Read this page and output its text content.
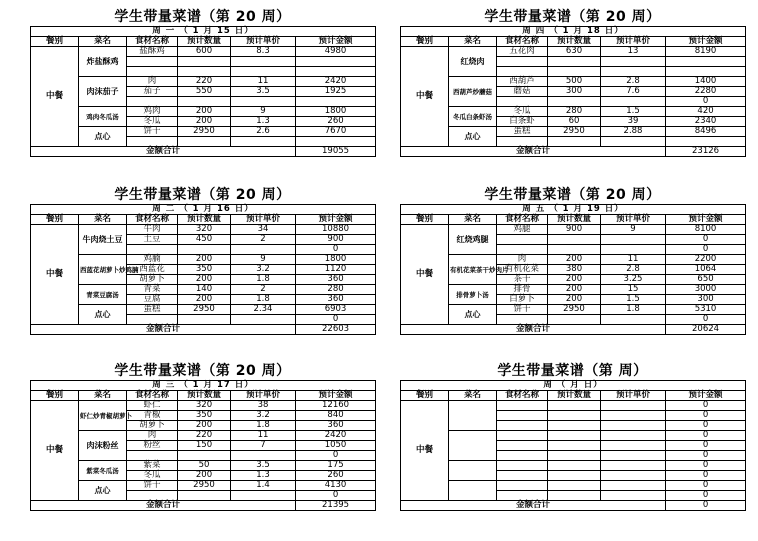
学生带量菜谱（第 20 周）
周 一 （ 1 月 15 日）					
餐别	菜名	食材名称	预计数量	预计单价	预计金额
中餐	炸盐酥鸡	盐酥鸡	600	8.3	4980

	肉沫茄子	肉	220	11	2420
		茄子	550	3.5	1925

	鸡肉冬瓜汤	鸡肉	200	9	1800
		冬瓜	200	1.3	260
	点心	饼干	2950	2.6	7670

金额合计					19055
学生带量菜谱（第 20 周）
周 四 （ 1 月 18 日）					
餐别	菜名	食材名称	预计数量	预计单价	预计金额
中餐	红烧肉	五花肉	630	13	8190

	西葫芦炒蘑菇	西葫芦	500	2.8	1400
		蘑菇	300	7.6	2280
					0
	冬瓜白条虾汤	冬瓜	280	1.5	420
		白条虾	60	39	2340
	点心	蛋糕	2950	2.88	8496

金额合计					23126
学生带量菜谱（第 20 周）
周 二 （ 1 月 16 日）					
餐别	菜名	食材名称	预计数量	预计单价	预计金额
中餐	牛肉烧土豆	牛肉	320	34	10880
		土豆	450	2	900
					0
	西蓝花胡萝卜炒鸡腩	鸡腩	200	9	1800
		西蓝花	350	3.2	1120
		胡萝卜	200	1.8	360
	青菜豆腐汤	青菜	140	2	280
		豆腐	200	1.8	360
	点心	蛋糕	2950	2.34	6903
					0
金额合计					22603
学生带量菜谱（第 20 周）
周 五 （ 1 月 19 日）					
餐别	菜名	食材名称	预计数量	预计单价	预计金额
中餐	红烧鸡腿	鸡腿	900	9	8100
					0
					0
	有机花菜茶干炒肉片	肉	200	11	2200
		有机花菜	380	2.8	1064
		茶干	200	3.25	650
	排骨萝卜汤	排骨	200	15	3000
		白萝卜	200	1.5	300
	点心	饼干	2950	1.8	5310
					0
金额合计					20624
学生带量菜谱（第 20 周）
周 三 （ 1 月 17 日）					
餐别	菜名	食材名称	预计数量	预计单价	预计金额
中餐	虾仁炒青椒胡萝卜	虾仁	320	38	12160
		青椒	350	3.2	840
		胡萝卜	200	1.8	360
	肉沫粉丝	肉	220	11	2420
		粉丝	150	7	1050
					0
	紫菜冬瓜汤	紫菜	50	3.5	175
		冬瓜	200	1.3	260
	点心	饼干	2950	1.4	4130
					0
金额合计					21395
学生带量菜谱（第 周）
周 （ 月 日）					
餐别	菜名	食材名称	预计数量	预计单价	预计金额
中餐					0
					0
					0
					0
					0
					0
					0
					0
					0
					0
金额合计					0
